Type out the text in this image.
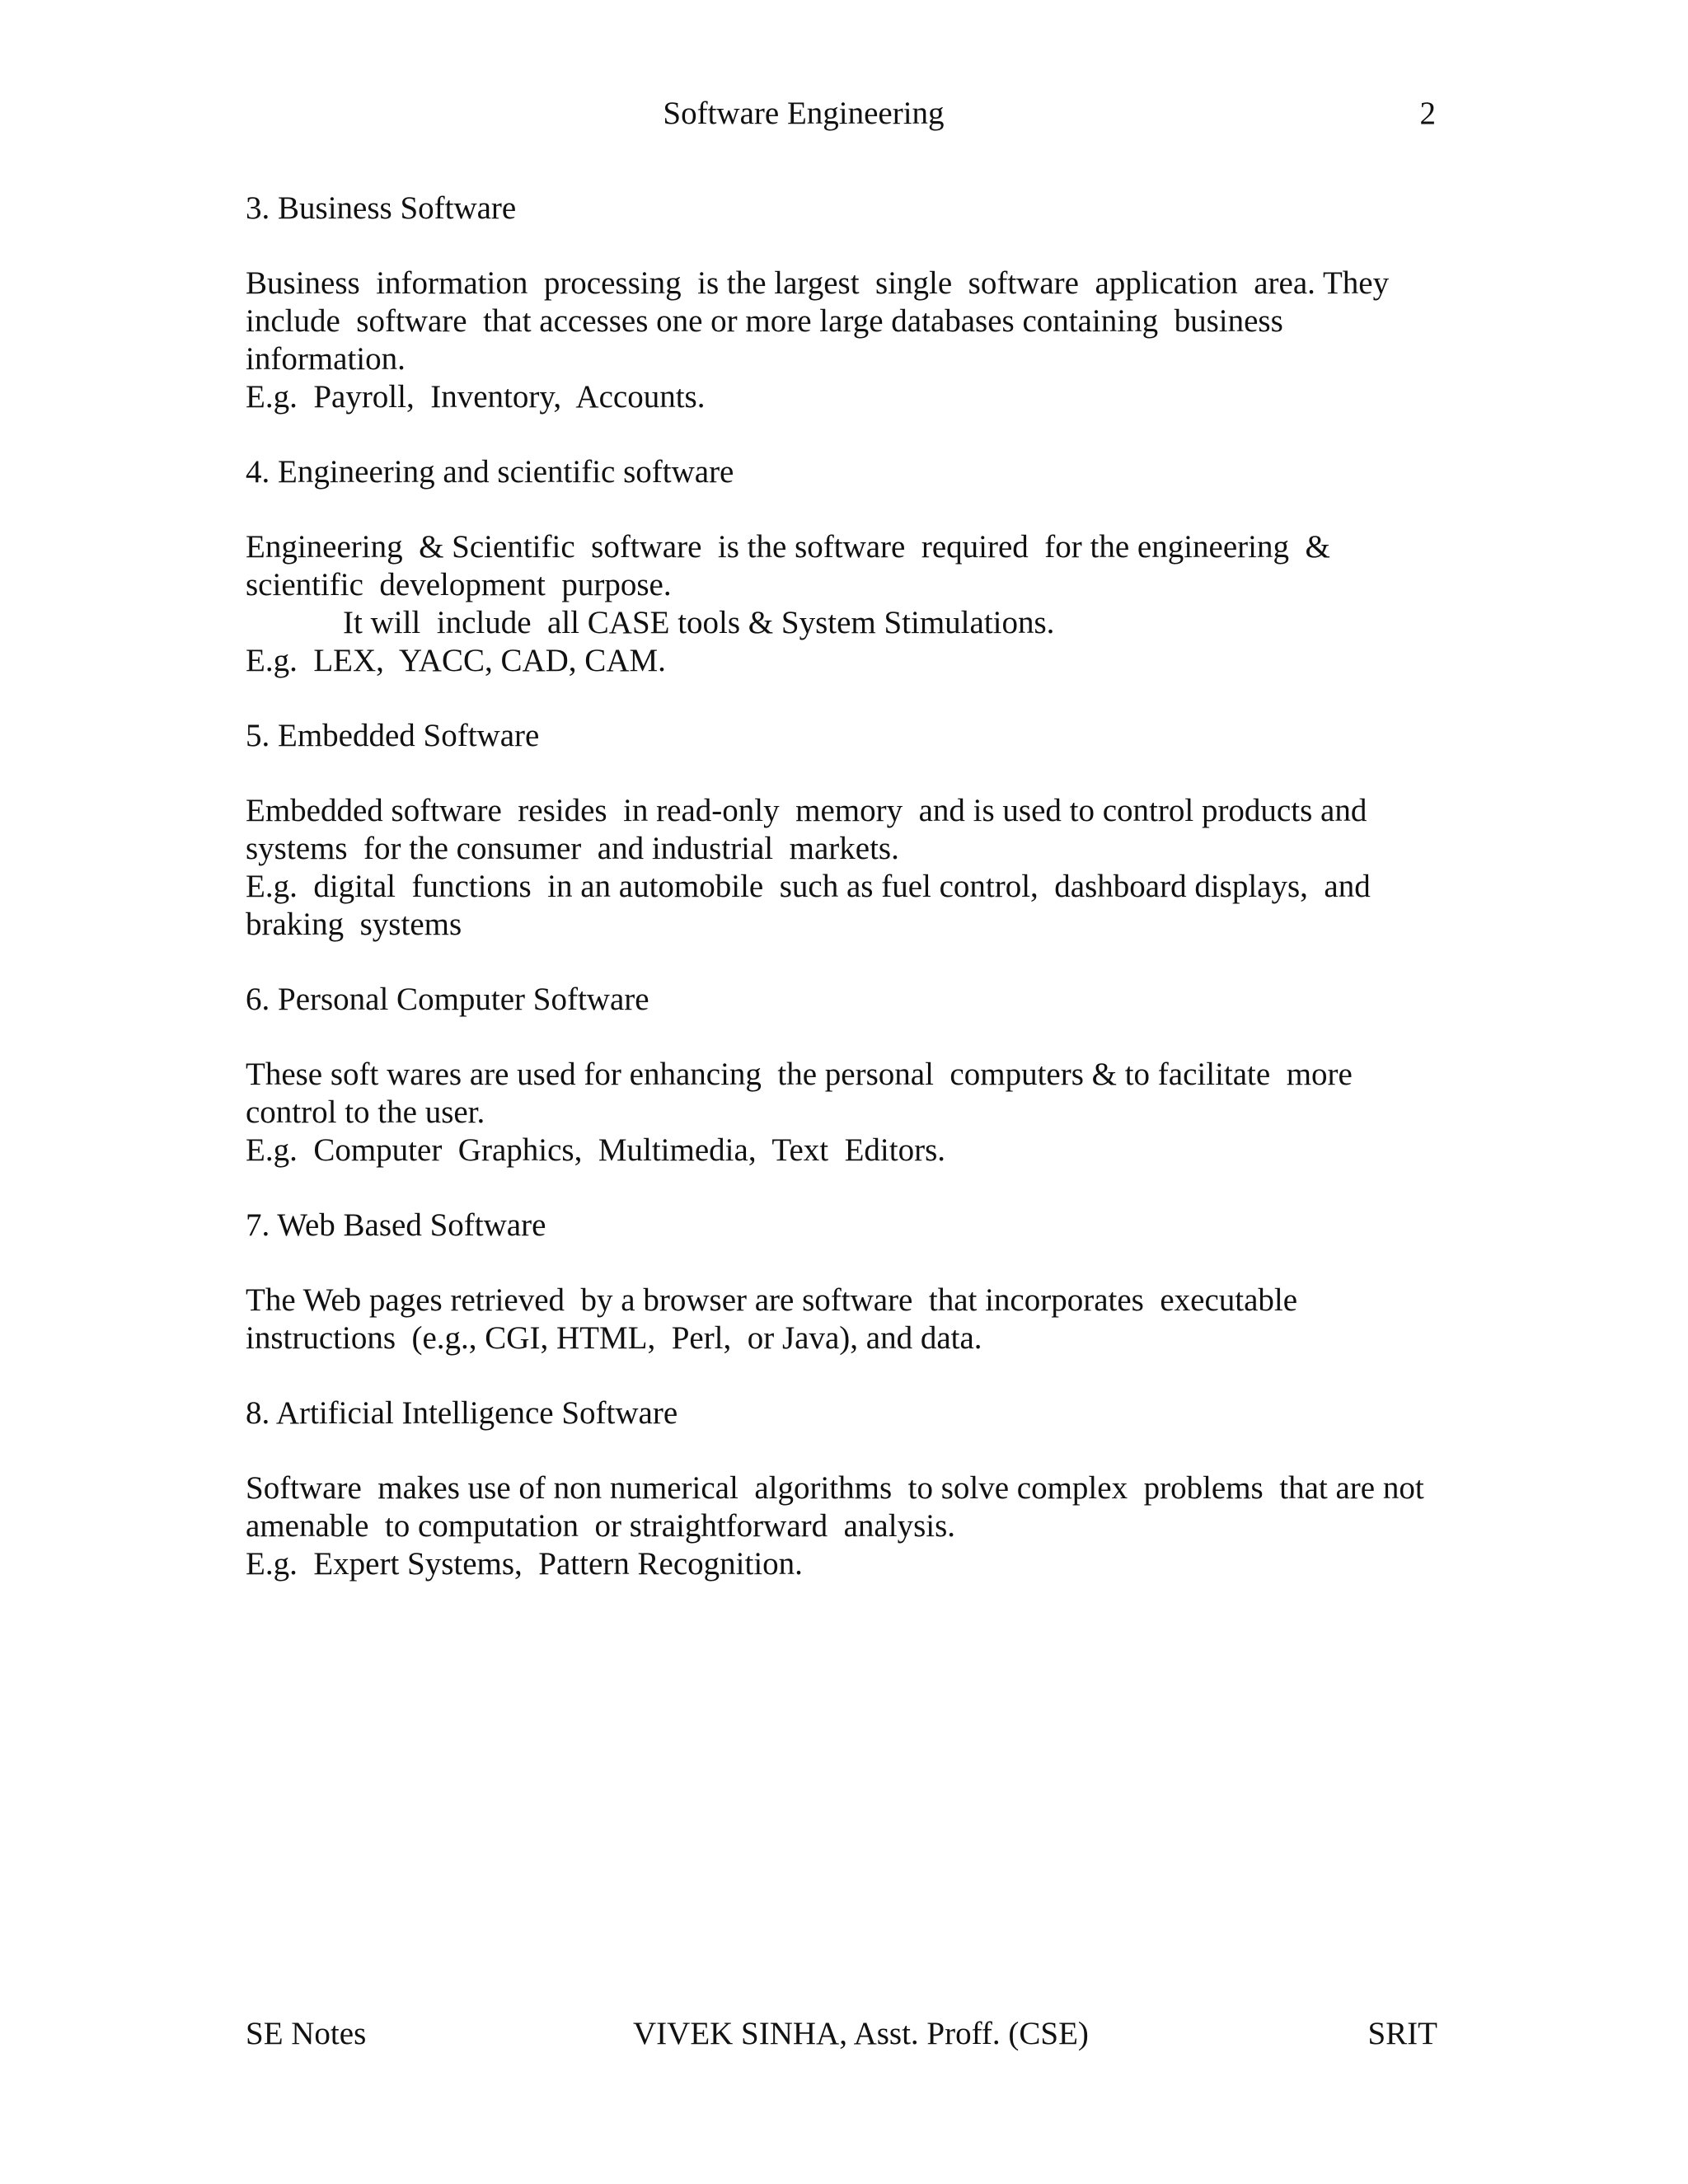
Software Engineering	2
3. Business Software
Business  information  processing  is the largest  single  software  application  area. They
include  software  that accesses one or more large databases containing  business
information.
E.g.  Payroll,  Inventory,  Accounts.
4. Engineering and scientific software
Engineering  & Scientific  software  is the software  required  for the engineering  &
scientific  development  purpose.
It will  include  all CASE tools & System Stimulations.
E.g.  LEX,  YACC, CAD, CAM.
5. Embedded Software
Embedded software  resides  in read-only  memory  and is used to control products and
systems  for the consumer  and industrial  markets.
E.g.  digital  functions  in an automobile  such as fuel control,  dashboard displays,  and
braking  systems
6. Personal Computer Software
These soft wares are used for enhancing  the personal  computers & to facilitate  more
control to the user.
E.g.  Computer  Graphics,  Multimedia,  Text  Editors.
7. Web Based Software
The Web pages retrieved  by a browser are software  that incorporates  executable
instructions  (e.g., CGI, HTML,  Perl,  or Java), and data.
8. Artificial Intelligence Software
Software  makes use of non numerical  algorithms  to solve complex  problems  that are not
amenable  to computation  or straightforward  analysis.
E.g.  Expert Systems,  Pattern Recognition.
SE Notes	VIVEK SINHA, Asst. Proff. (CSE)	SRIT
